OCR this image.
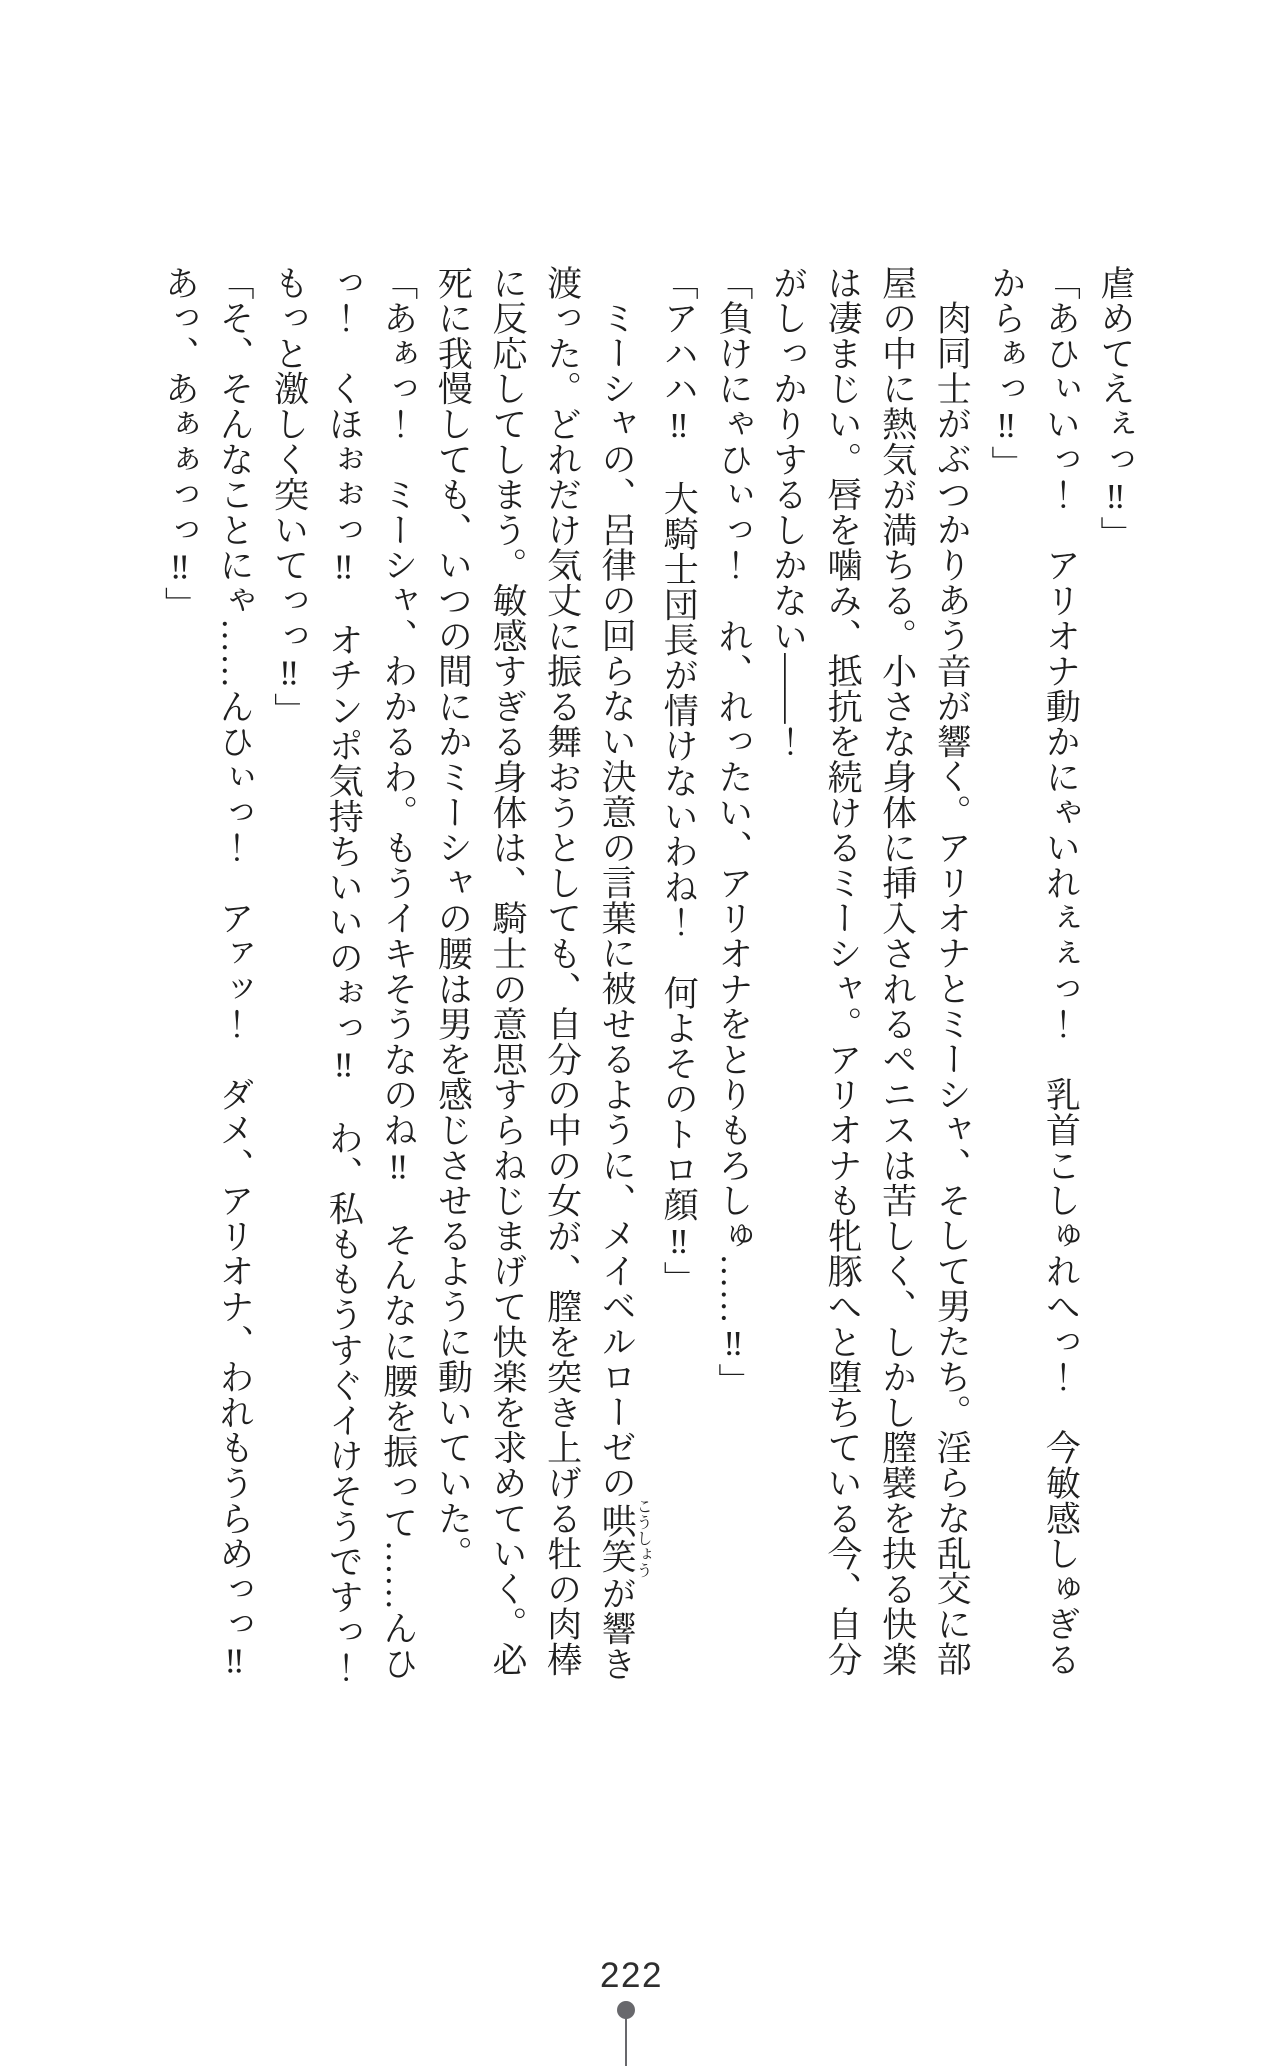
虐めてえぇっ‼」

「あひぃいっ！　アリオナ動かにゃいれぇぇっ！　乳首こしゅれへっ！　今敏感しゅぎる

からぁっ‼」

肉同士がぶつかりあう音が響く。アリオナとミーシャ、そして男たち。淫らな乱交に部

屋の中に熱気が満ちる。小さな身体に挿入されるペニスは苦しく、しかし膣襞を抉る快楽

は凄まじい。唇を噛み、抵抗を続けるミーシャ。アリオナも牝豚へと堕ちている今、自分

がしっかりするしかない――！

「負けにゃひぃっ！　れ、れったい、アリオナをとりもろしゅ……‼」

「アハハ‼　大騎士団長が情けないわね！　何よそのトロ顔‼」

ミーシャの、呂律の回らない決意の言葉に被せるように、メイベルローゼの哄笑こうしょうが響き

渡った。どれだけ気丈に振る舞おうとしても、自分の中の女が、膣を突き上げる牡の肉棒

に反応してしまう。敏感すぎる身体は、騎士の意思すらねじまげて快楽を求めていく。必

死に我慢しても、いつの間にかミーシャの腰は男を感じさせるように動いていた。

「あぁっ！　ミーシャ、わかるわ。もうイキそうなのね‼　そんなに腰を振って……んひ

っ！　くほぉぉっ‼　オチンポ気持ちいいのぉっ‼　わ、私ももうすぐイけそうですっ！

もっと激しく突いてっっ‼」

「そ、そんなことにゃ……んひぃっ！　アァッ！　ダメ、アリオナ、われもうらめっっ‼

あっ、あぁぁっっ‼」

222
